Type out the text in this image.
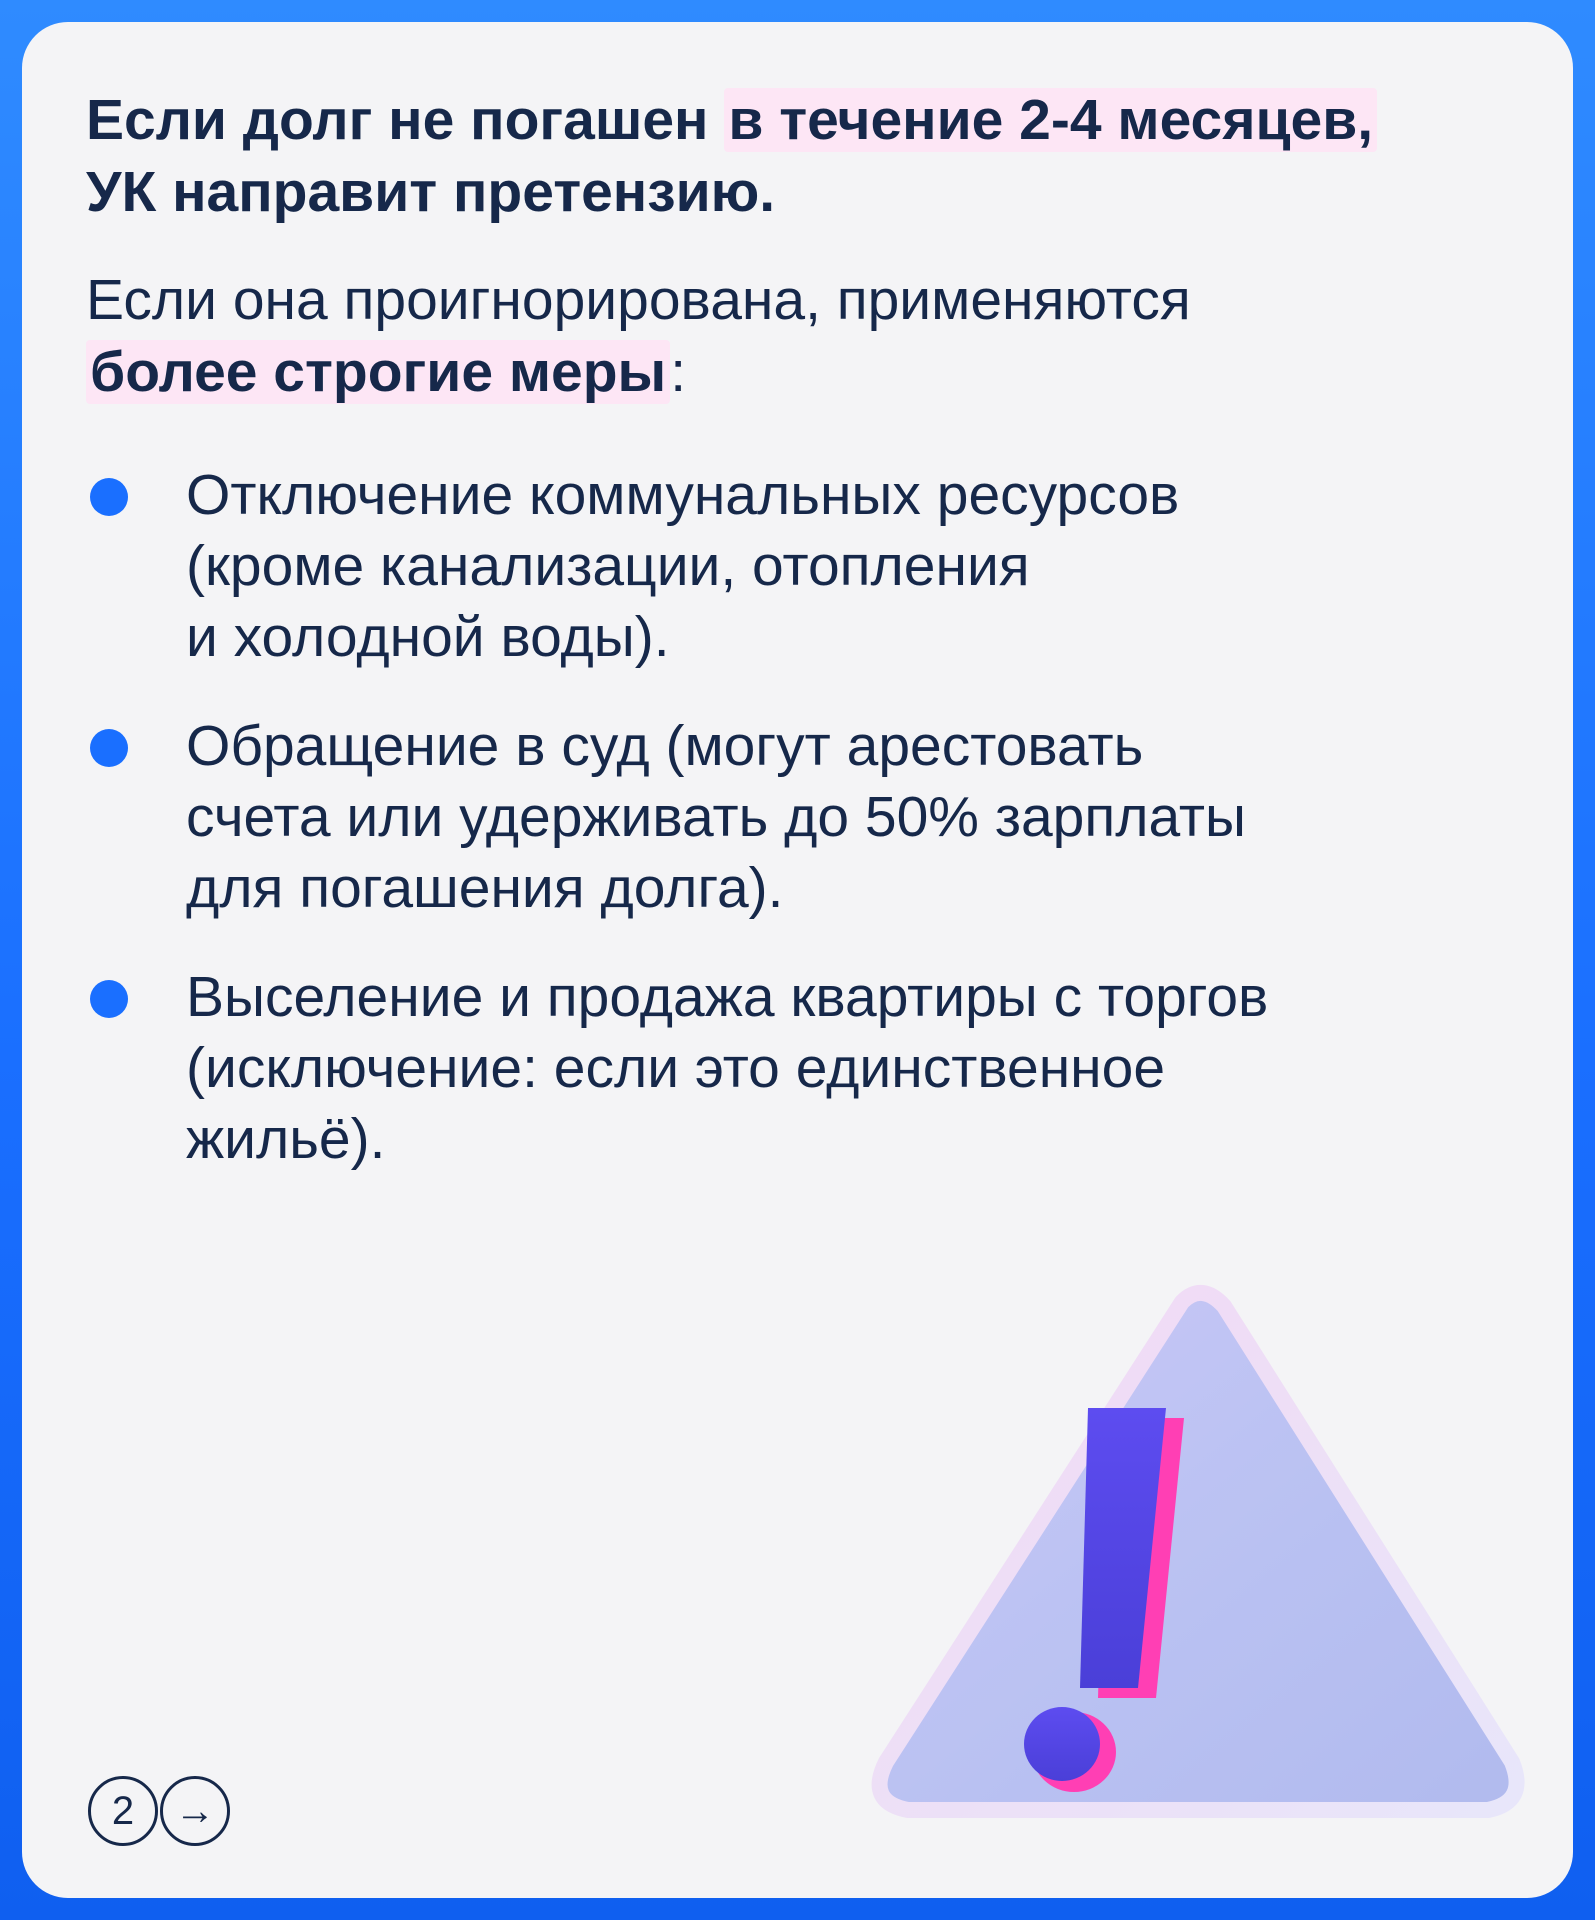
Если долг не погашен в течение 2-4 месяцев,
УК направит претензию.

Если она проигнорирована, применяются
более строгие меры:

Отключение коммунальных ресурсов
(кроме канализации, отопления
и холодной воды).
Обращение в суд (могут арестовать
счета или удерживать до 50% зарплаты
для погашения долга).
Выселение и продажа квартиры с торгов
(исключение: если это единственное
жильё).
2	→
